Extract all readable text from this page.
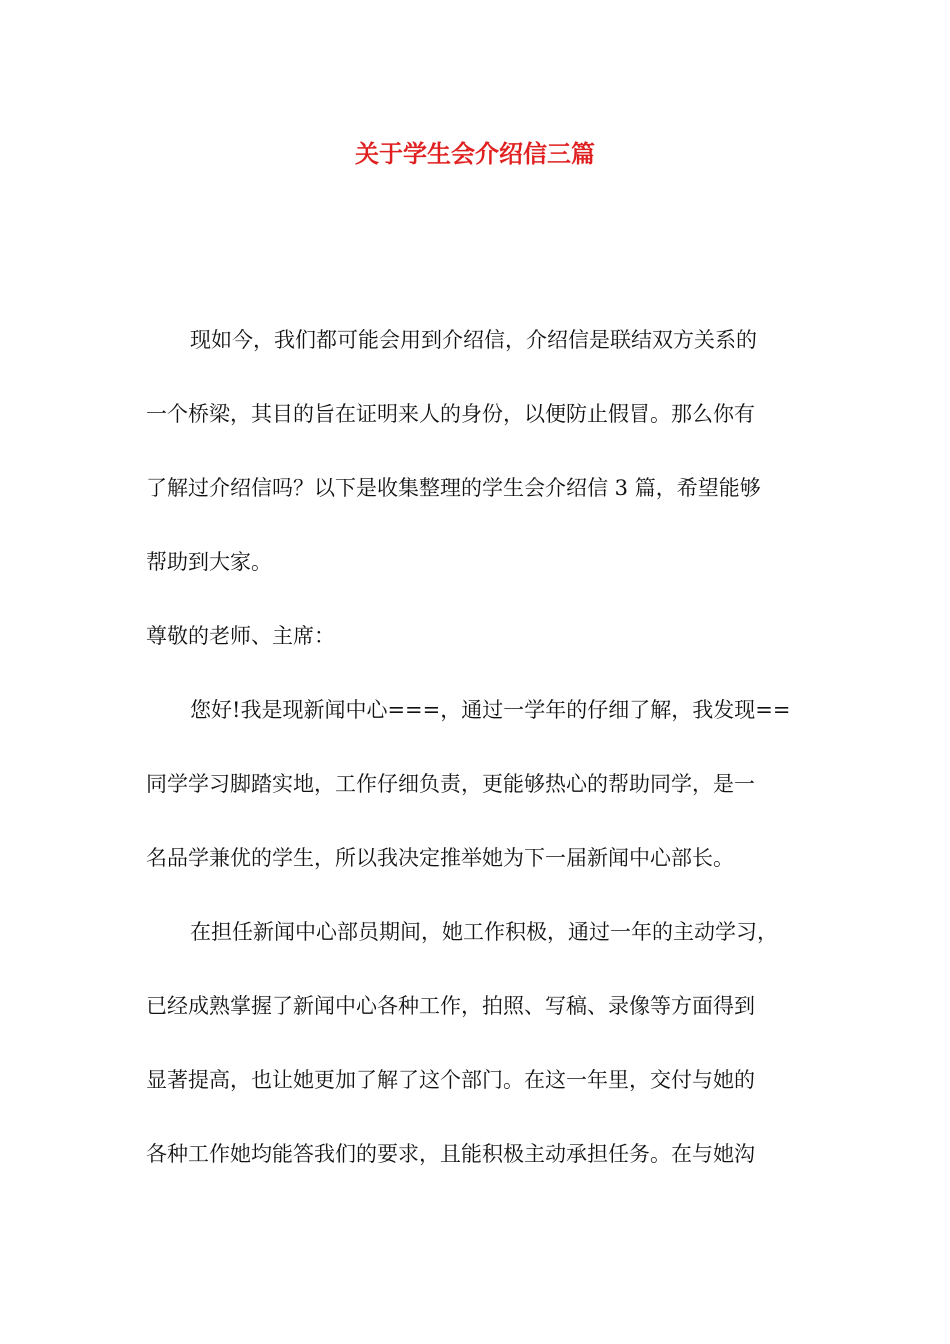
关于学生会介绍信三篇
现如今，我们都可能会用到介绍信，介绍信是联结双方关系的
一个桥梁，其目的旨在证明来人的身份，以便防止假冒。那么你有
了解过介绍信吗？以下是收集整理的学生会介绍信 3 篇，希望能够
帮助到大家。
尊敬的老师、主席：
您好!我是现新闻中心===，通过一学年的仔细了解，我发现==
同学学习脚踏实地，工作仔细负责，更能够热心的帮助同学，是一
名品学兼优的学生，所以我决定推举她为下一届新闻中心部长。
在担任新闻中心部员期间，她工作积极，通过一年的主动学习，
已经成熟掌握了新闻中心各种工作，拍照、写稿、录像等方面得到
显著提高，也让她更加了解了这个部门。在这一年里，交付与她的
各种工作她均能答我们的要求，且能积极主动承担任务。在与她沟
